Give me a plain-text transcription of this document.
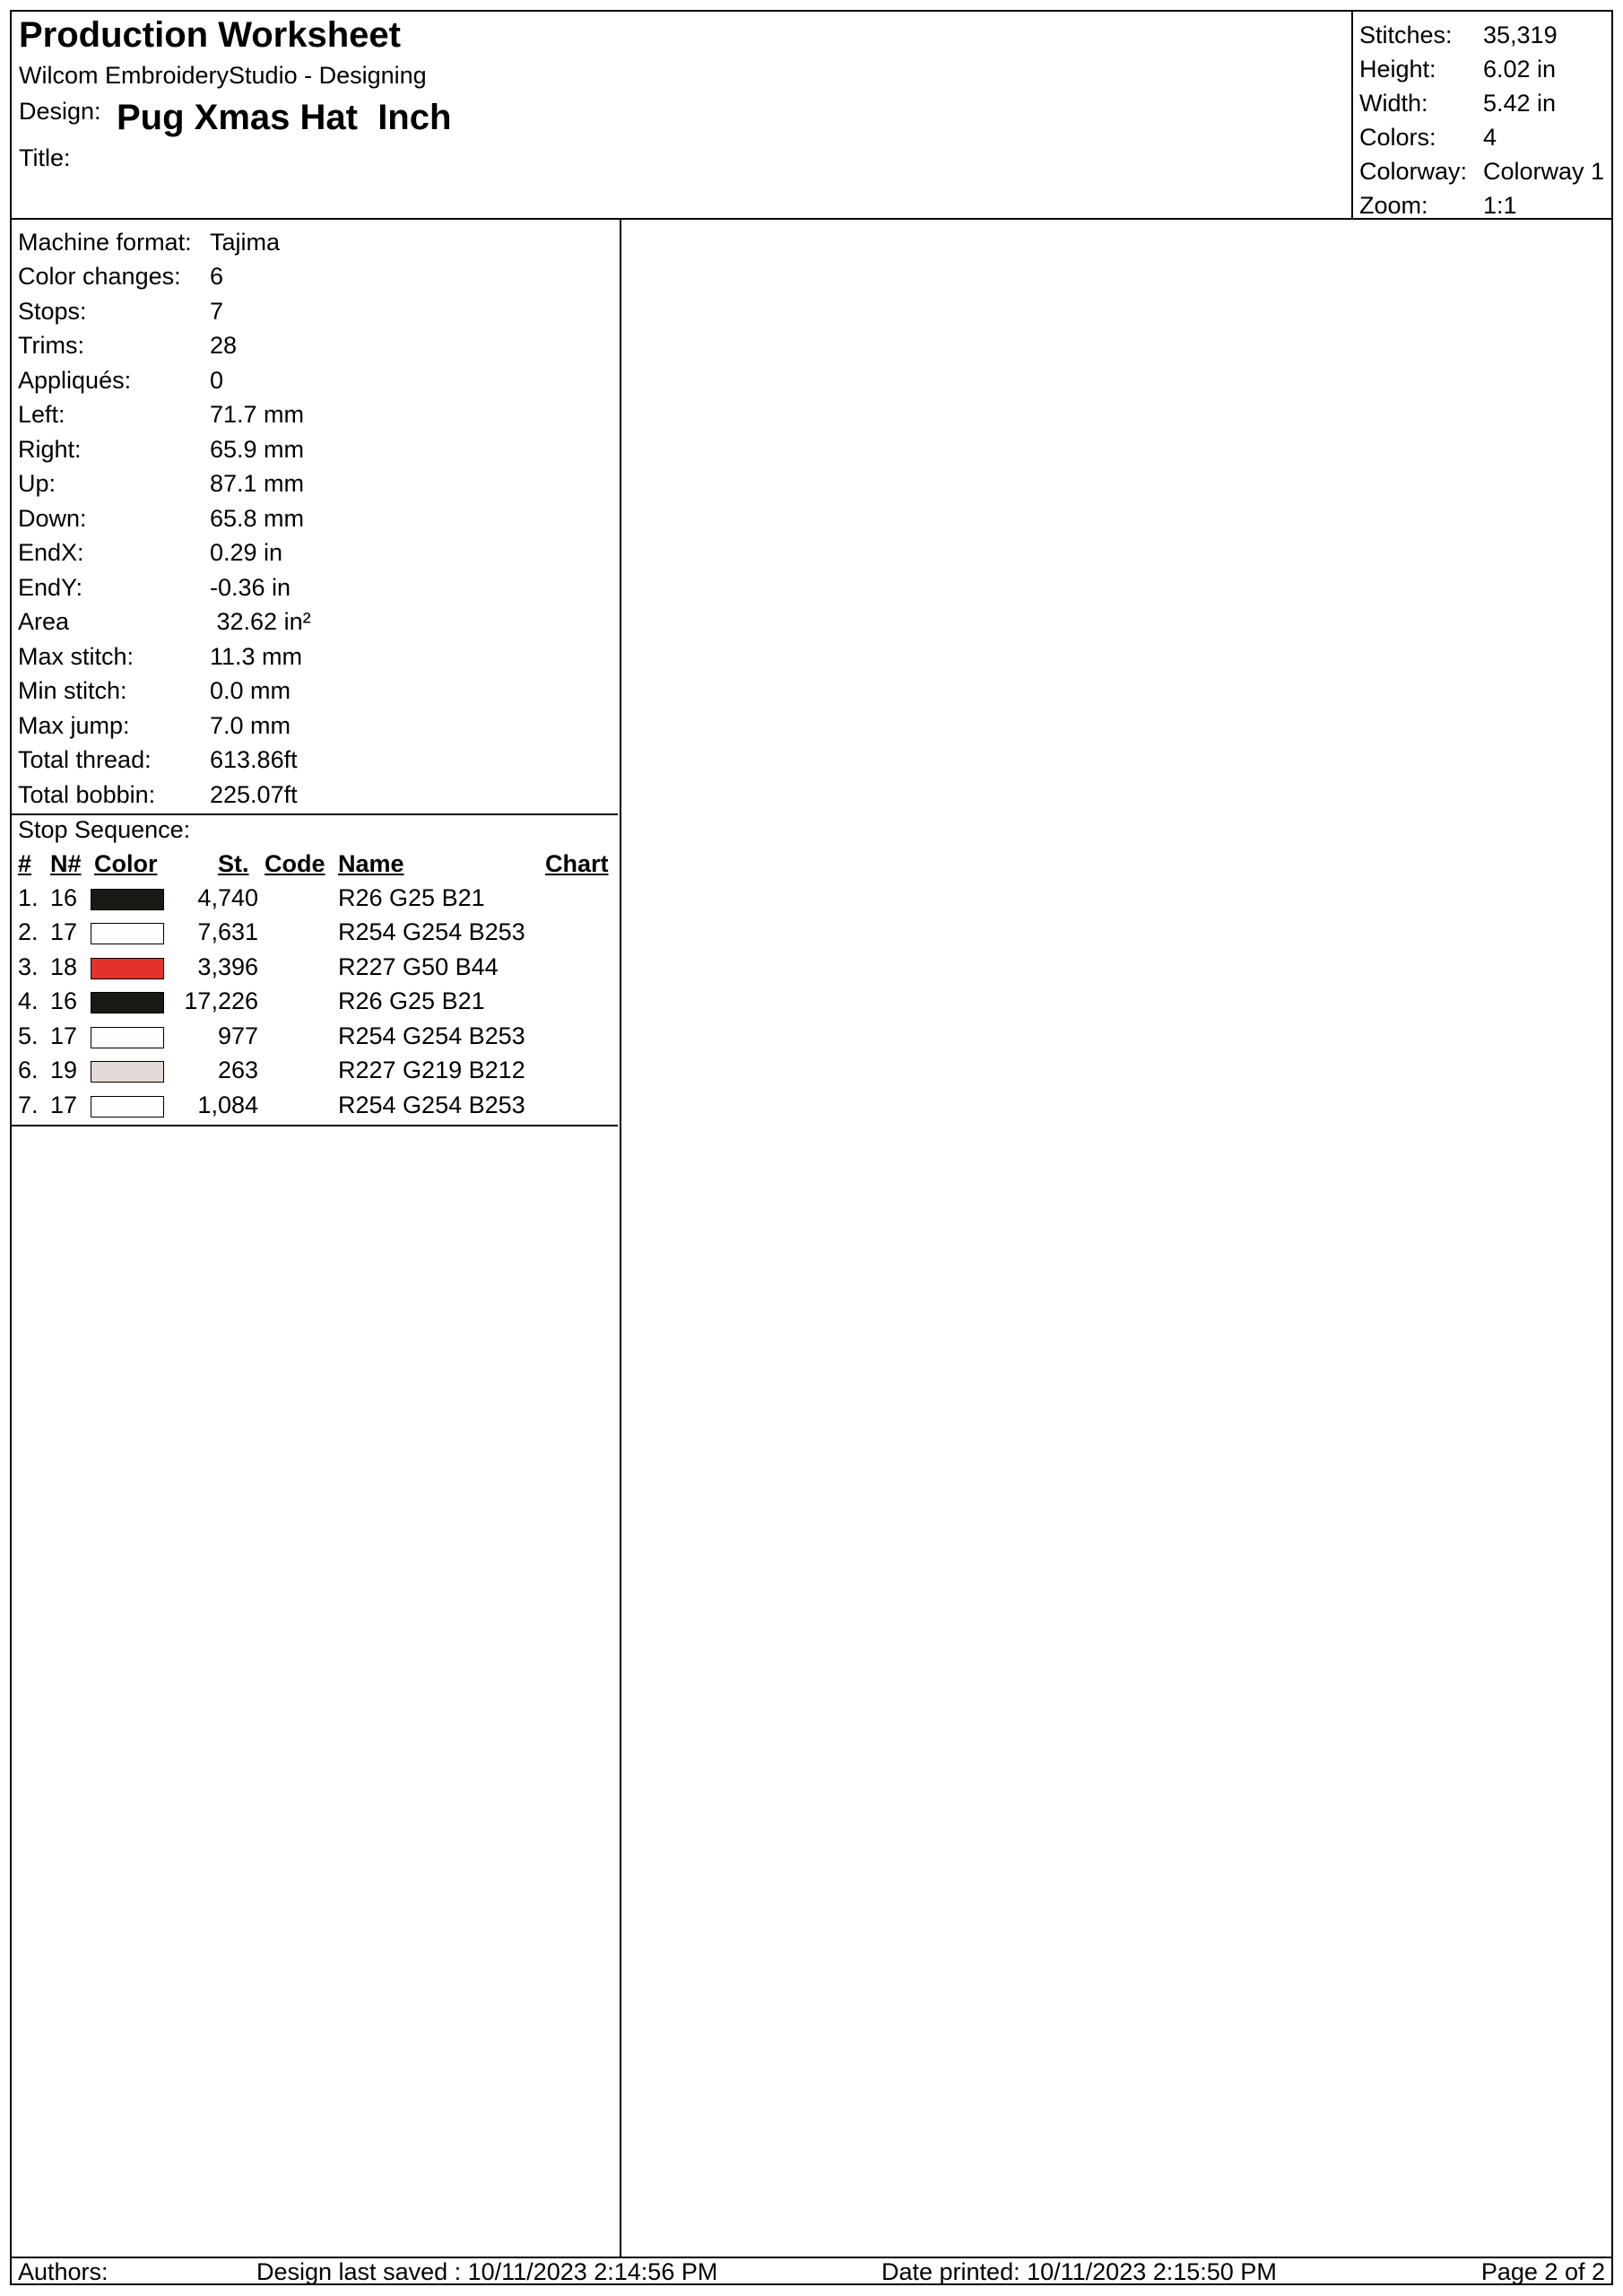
Production Worksheet
Wilcom EmbroideryStudio - Designing
Design: Pug Xmas Hat  Inch
Title:
Stitches: 35,319
Height: 6.02 in
Width: 5.42 in
Colors: 4
Colorway: Colorway 1
Zoom: 1:1
Machine format: Tajima
Color changes: 6
Stops:	7
Trims:	28
Appliqués:	0
Left:	71.7 mm
Right:	65.9 mm
Up:	87.1 mm
Down:	65.8 mm
EndX:	0.29 in
EndY:	-0.36 in
Area	32.62 in²
Max stitch:	11.3 mm
Min stitch:	0.0 mm
Max jump:	7.0 mm
Total thread: 613.86ft
Total bobbin: 225.07ft
Stop Sequence:
# N# Color	St. Code Name	Chart
1. 16	4,740	R26 G25 B21
2. 17	7,631	R254 G254 B253
3. 18	3,396	R227 G50 B44
4. 16	17,226	R26 G25 B21
5. 17	977	R254 G254 B253
6. 19	263	R227 G219 B212
7. 17	1,084	R254 G254 B253
Authors:	Design last saved : 10/11/2023 2:14:56 PM	Date printed: 10/11/2023 2:15:50 PM	Page 2 of 2
